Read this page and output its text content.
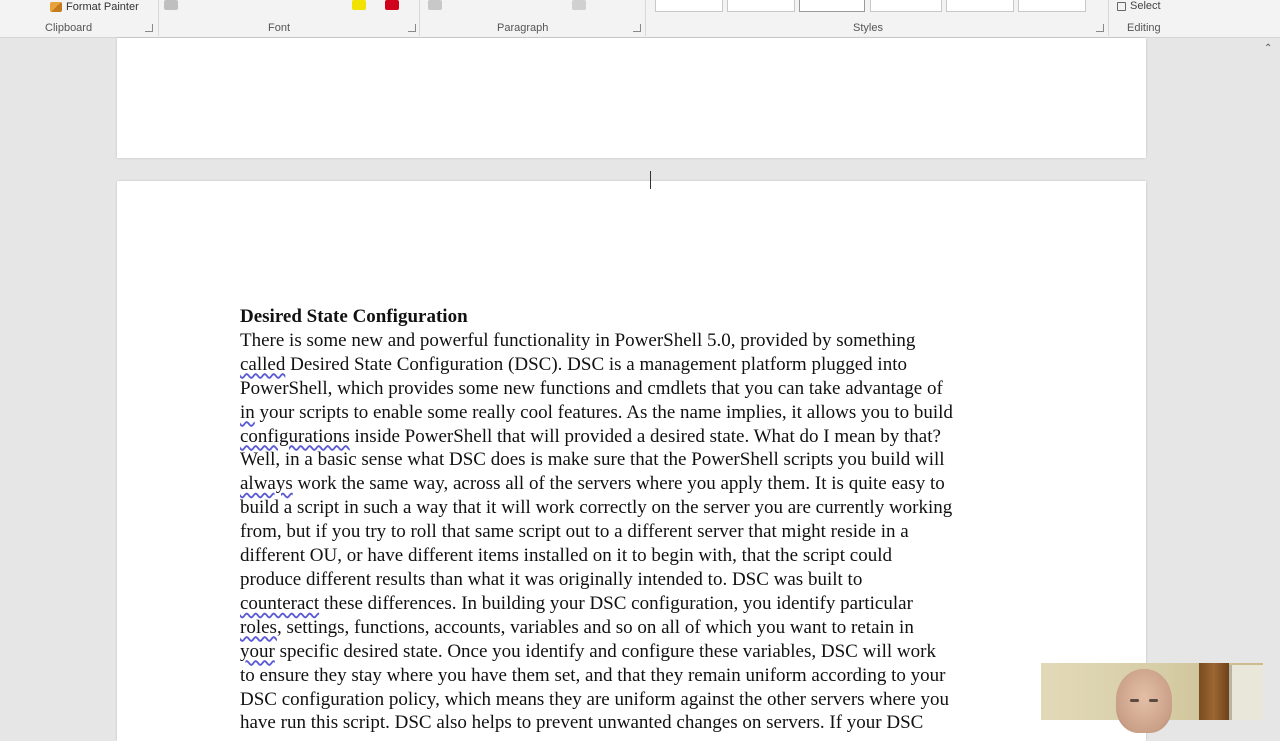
Format Painter	Select
Clipboard	Font	Paragraph	Styles	Editing
⌃
Desired State Configuration
There is some new and powerful functionality in PowerShell 5.0, provided by something
called Desired State Configuration (DSC). DSC is a management platform plugged into
PowerShell, which provides some new functions and cmdlets that you can take advantage of
in your scripts to enable some really cool features. As the name implies, it allows you to build
configurations inside PowerShell that will provided a desired state. What do I mean by that?
Well, in a basic sense what DSC does is make sure that the PowerShell scripts you build will
always work the same way, across all of the servers where you apply them. It is quite easy to
build a script in such a way that it will work correctly on the server you are currently working
from, but if you try to roll that same script out to a different server that might reside in a
different OU, or have different items installed on it to begin with, that the script could
produce different results than what it was originally intended to. DSC was built to
counteract these differences. In building your DSC configuration, you identify particular
roles, settings, functions, accounts, variables and so on all of which you want to retain in
your specific desired state. Once you identify and configure these variables, DSC will work
to ensure they stay where you have them set, and that they remain uniform according to your
DSC configuration policy, which means they are uniform against the other servers where you
have run this script. DSC also helps to prevent unwanted changes on servers. If your DSC
